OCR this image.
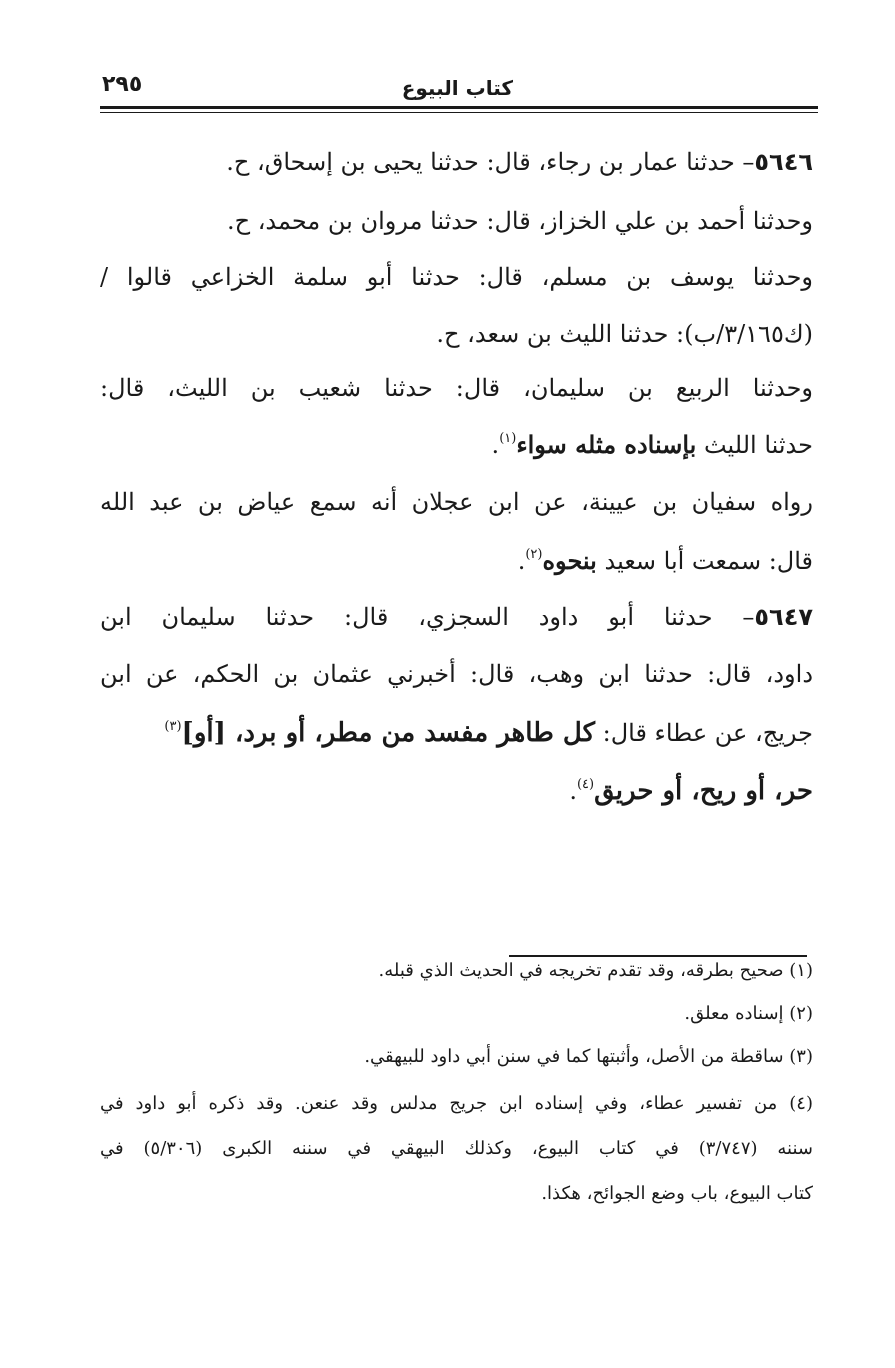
٢٩٥	كتاب البيوع
٥٦٤٦– حدثنا عمار بن رجاء، قال: حدثنا يحيى بن إسحاق، ح.
وحدثنا أحمد بن علي الخزاز، قال: حدثنا مروان بن محمد، ح.
وحدثنا يوسف بن مسلم، قال: حدثنا أبو سلمة الخزاعي قالوا /
(ك٣/١٦٥/ب): حدثنا الليث بن سعد، ح.
وحدثنا الربيع بن سليمان، قال: حدثنا شعيب بن الليث، قال:
حدثنا الليث بإسناده مثله سواء$^{(١)}$.
رواه سفيان بن عيينة، عن ابن عجلان أنه سمع عياض بن عبد الله
قال: سمعت أبا سعيد بنحوه$^{(٢)}$.
٥٦٤٧– حدثنا أبو داود السجزي، قال: حدثنا سليمان ابن
داود، قال: حدثنا ابن وهب، قال: أخبرني عثمان بن الحكم، عن ابن
جريج، عن عطاء قال: كل طاهر مفسد من مطر، أو برد، [أو]$^{(٣)}$
حر، أو ريح، أو حريق$^{(٤)}$.
(١) صحيح بطرقه، وقد تقدم تخريجه في الحديث الذي قبله.
(٢) إسناده معلق.
(٣) ساقطة من الأصل، وأثبتها كما في سنن أبي داود للبيهقي.
(٤) من تفسير عطاء، وفي إسناده ابن جريج مدلس وقد عنعن. وقد ذكره أبو داود في
سننه (٣/٧٤٧) في كتاب البيوع، وكذلك البيهقي في سننه الكبرى (٥/٣٠٦) في
كتاب البيوع، باب وضع الجوائح، هكذا.
